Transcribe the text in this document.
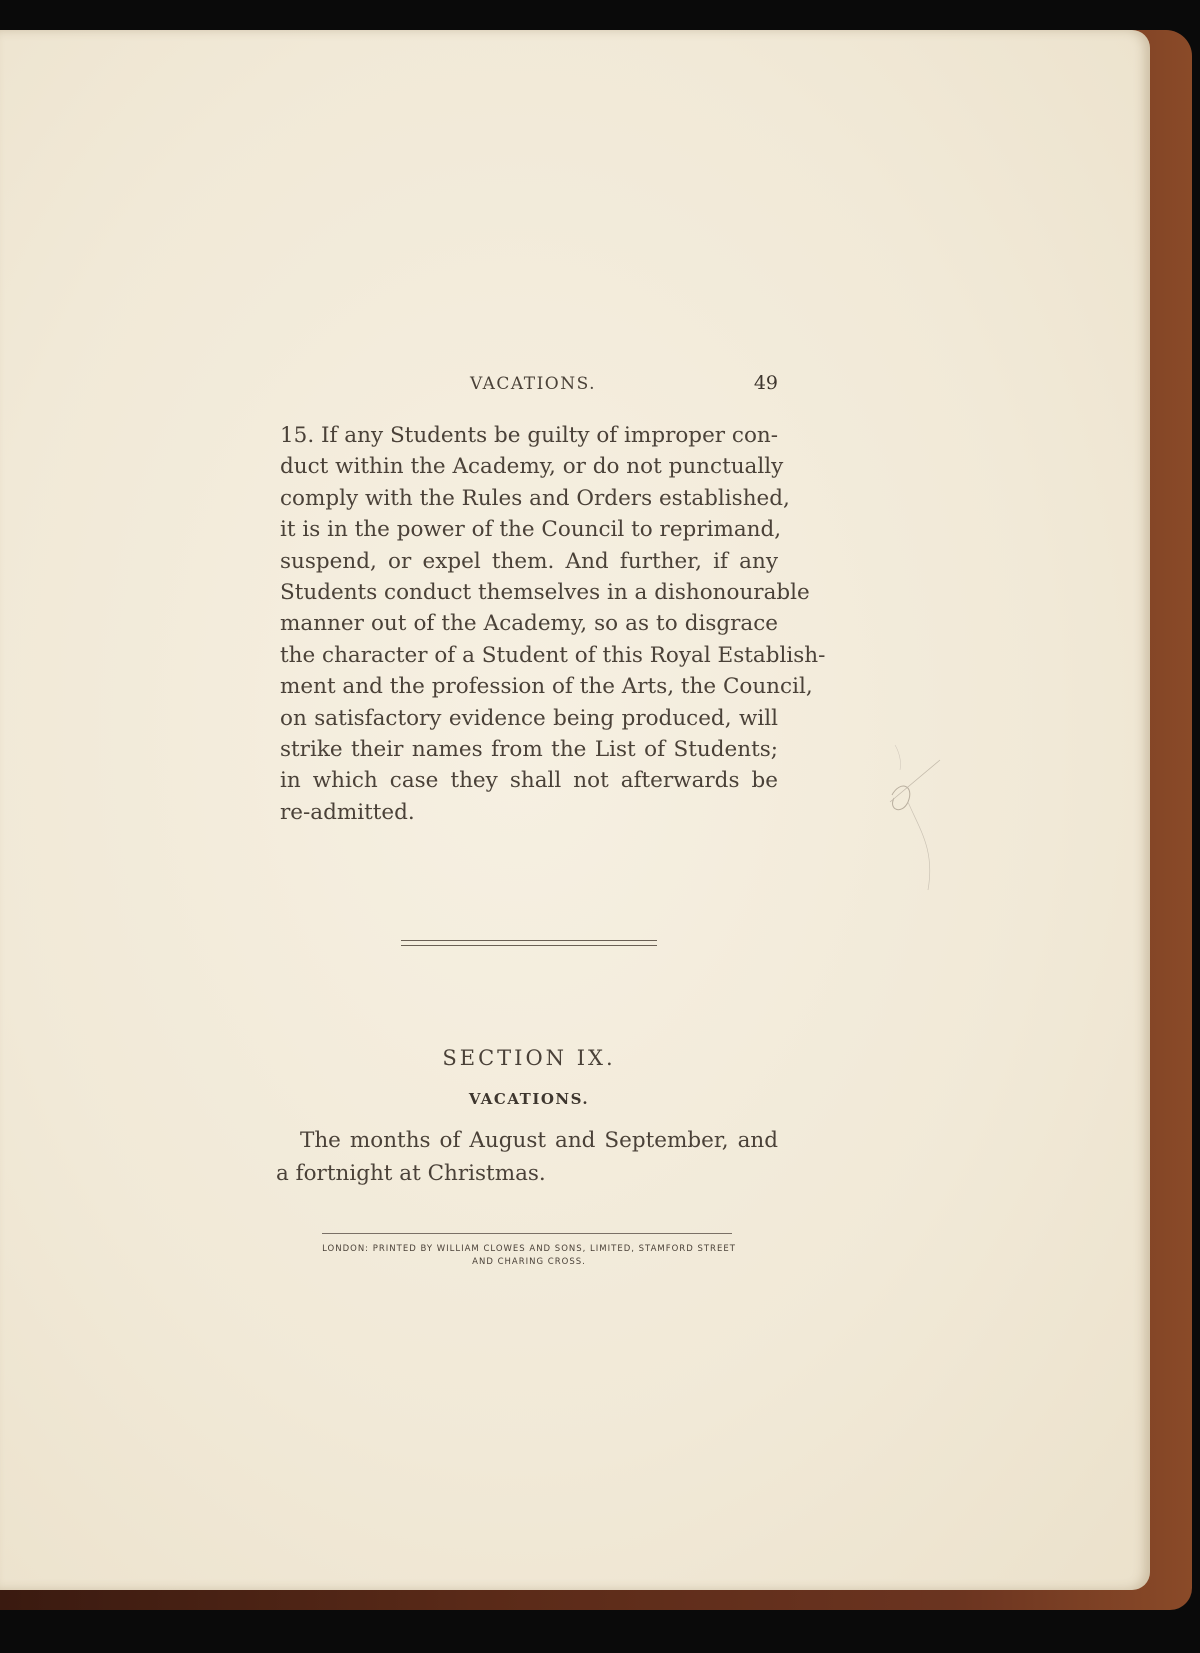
VACATIONS.	49

15. If any Students be guilty of improper con-
duct within the Academy, or do not punctually
comply with the Rules and Orders established,
it is in the power of the Council to reprimand,
suspend, or expel them. And further, if any
Students conduct themselves in a dishonourable
manner out of the Academy, so as to disgrace
the character of a Student of this Royal Establish-
ment and the profession of the Arts, the Council,
on satisfactory evidence being produced, will
strike their names from the List of Students;
in which case they shall not afterwards be
re-admitted.

SECTION IX.
VACATIONS.
The months of August and September, and
a fortnight at Christmas.
LONDON: PRINTED BY WILLIAM CLOWES AND SONS, LIMITED, STAMFORD STREET
AND CHARING CROSS.
